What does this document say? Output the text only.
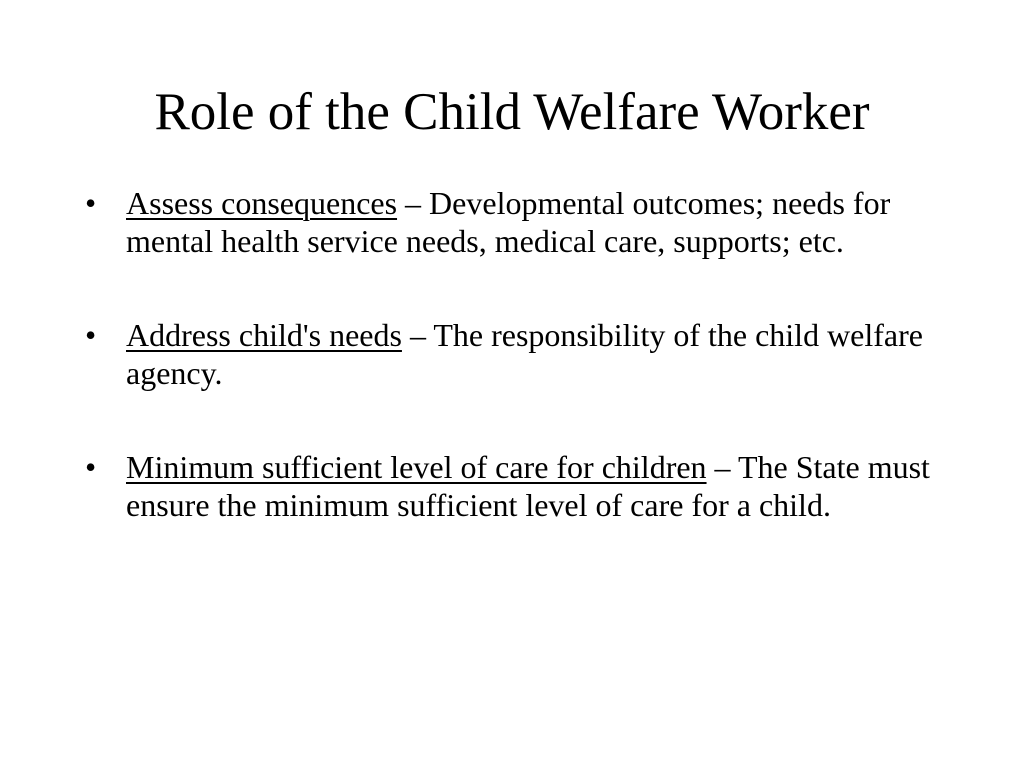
Role of the Child Welfare Worker
• Assess consequences – Developmental outcomes; needs for mental health service needs, medical care, supports; etc.
• Address child's needs – The responsibility of the child welfare agency.
• Minimum sufficient level of care for children – The State must ensure the minimum sufficient level of care for a child.
